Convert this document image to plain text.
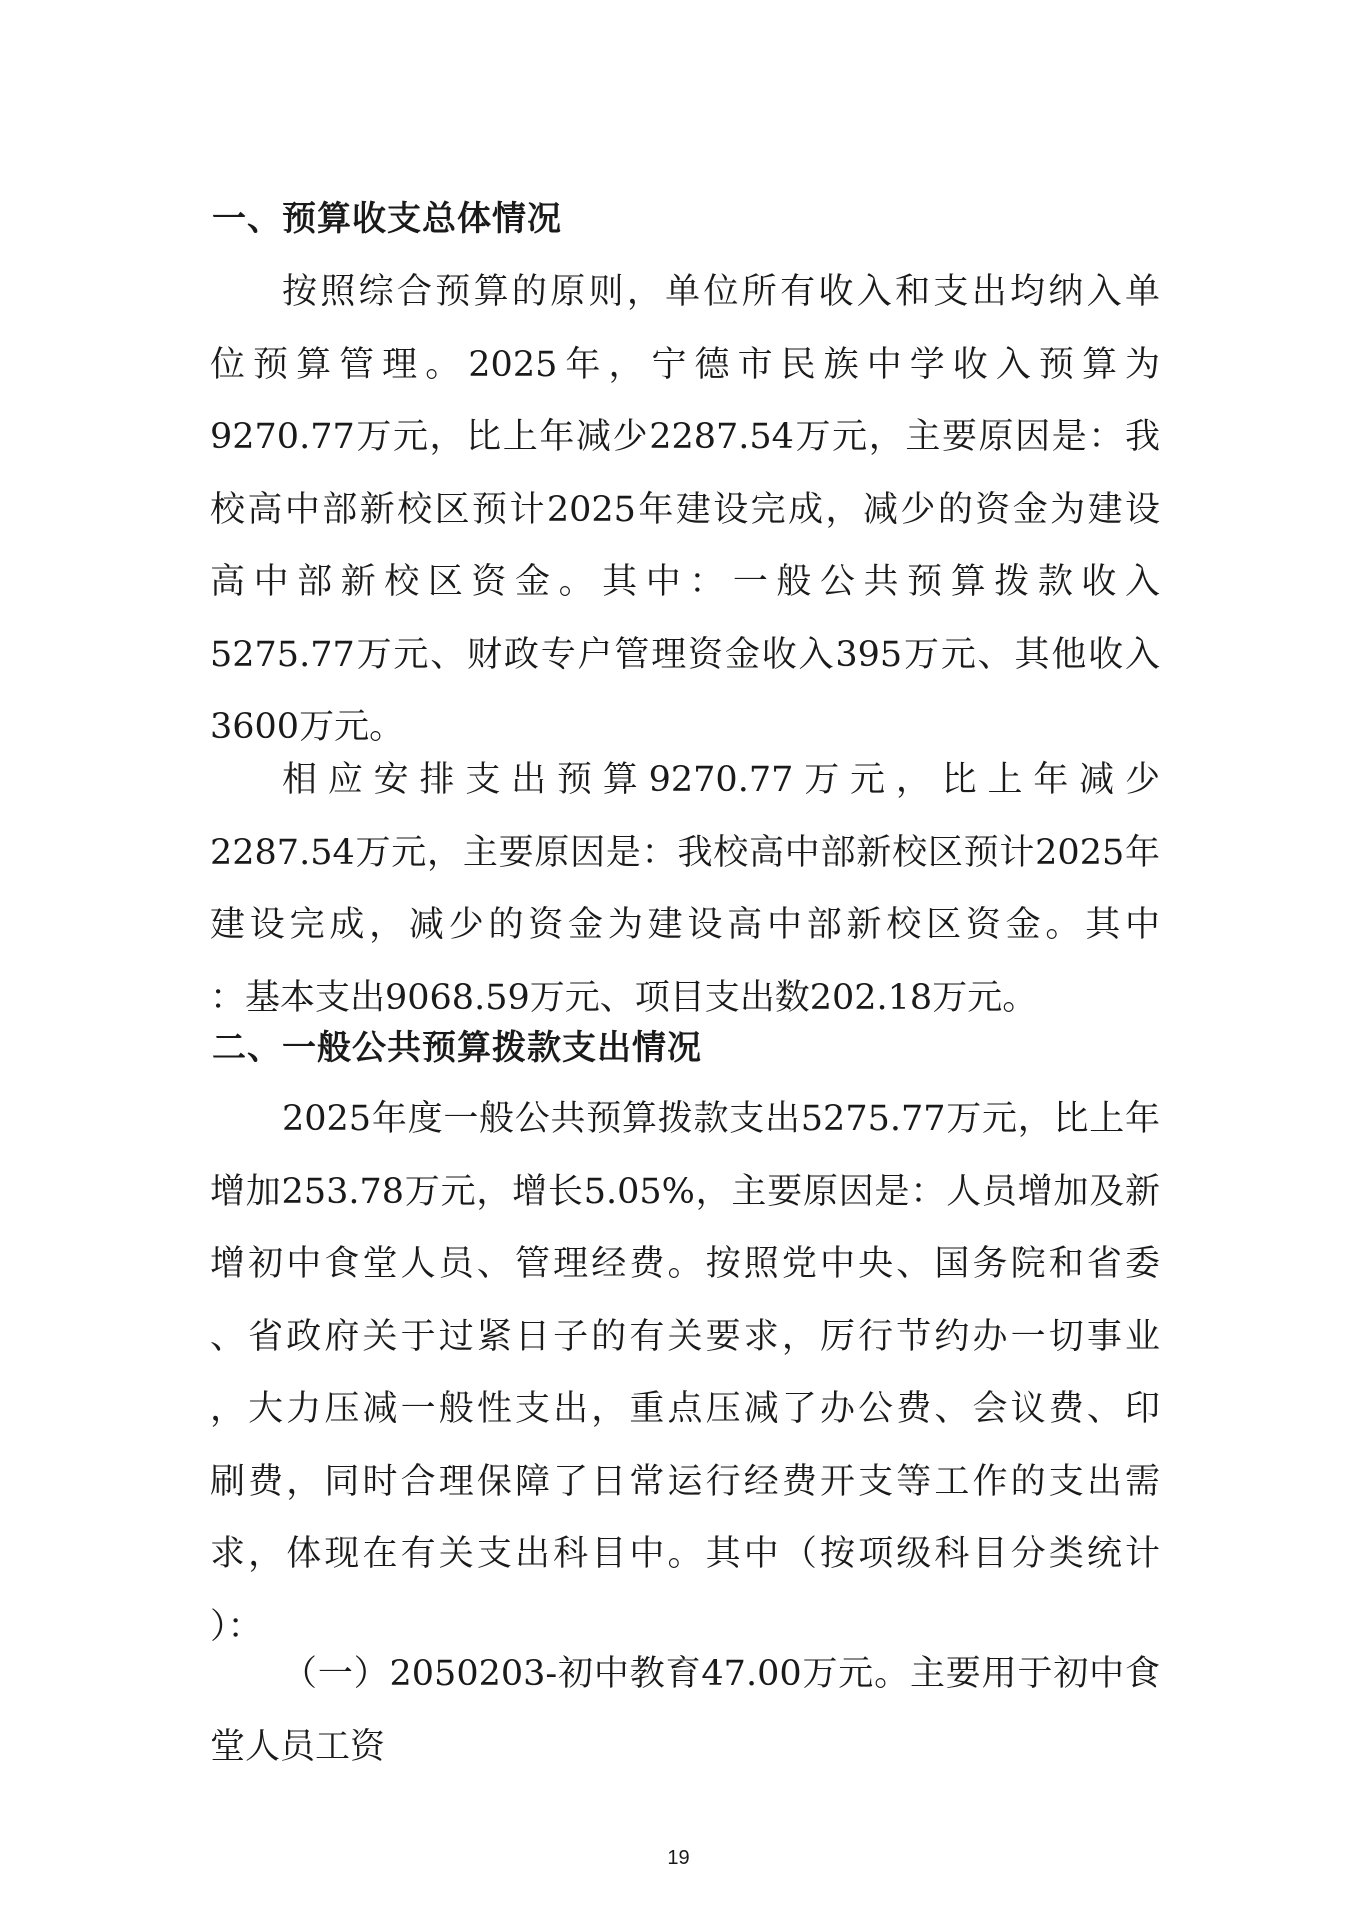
一、预算收支总体情况
按照综合预算的原则，单位所有收入和支出均纳入单
位预算管理。2025年，宁德市民族中学收入预算为
9270.77万元，比上年减少2287.54万元，主要原因是：我
校高中部新校区预计2025年建设完成，减少的资金为建设
高中部新校区资金。其中：一般公共预算拨款收入
5275.77万元、财政专户管理资金收入395万元、其他收入
3600万元。
相应安排支出预算9270.77万元，比上年减少
2287.54万元，主要原因是：我校高中部新校区预计2025年
建设完成，减少的资金为建设高中部新校区资金。其中
：基本支出9068.59万元、项目支出数202.18万元。
二、一般公共预算拨款支出情况
2025年度一般公共预算拨款支出5275.77万元，比上年
增加253.78万元，增长5.05%，主要原因是：人员增加及新
增初中食堂人员、管理经费。按照党中央、国务院和省委
、省政府关于过紧日子的有关要求，厉行节约办一切事业
，大力压减一般性支出，重点压减了办公费、会议费、印
刷费，同时合理保障了日常运行经费开支等工作的支出需
求，体现在有关支出科目中。其中（按项级科目分类统计
）：
（一）2050203-初中教育47.00万元。主要用于初中食
堂人员工资
19
